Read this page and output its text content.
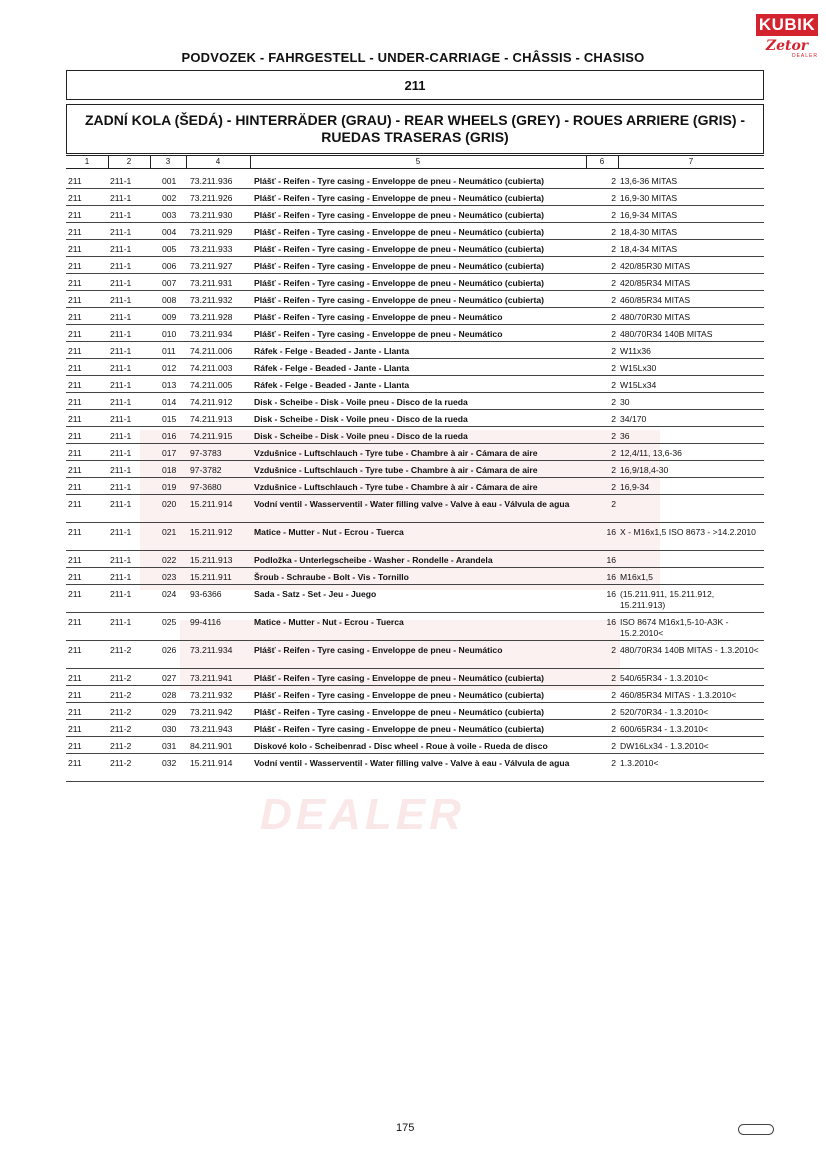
KUBIK
Zetor
DEALER
PODVOZEK - FAHRGESTELL - UNDER-CARRIAGE - CHÂSSIS - CHASISO
211
ZADNÍ KOLA (ŠEDÁ) - HINTERRÄDER (GRAU) - REAR WHEELS (GREY) - ROUES ARRIERE (GRIS) -
RUEDAS TRASERAS (GRIS)
DEALER
1	2	3	4	5	6	7
211	211-1	001 73.211.936	Plášť - Reifen - Tyre casing - Enveloppe de pneu - Neumático (cubierta)	2 13,6-36 MITAS
211	211-1	002 73.211.926	Plášť - Reifen - Tyre casing - Enveloppe de pneu - Neumático (cubierta)	2 16,9-30 MITAS
211	211-1	003 73.211.930	Plášť - Reifen - Tyre casing - Enveloppe de pneu - Neumático (cubierta)	2 16,9-34 MITAS
211	211-1	004 73.211.929	Plášť - Reifen - Tyre casing - Enveloppe de pneu - Neumático (cubierta)	2 18,4-30 MITAS
211	211-1	005 73.211.933	Plášť - Reifen - Tyre casing - Enveloppe de pneu - Neumático (cubierta)	2 18,4-34 MITAS
211	211-1	006 73.211.927	Plášť - Reifen - Tyre casing - Enveloppe de pneu - Neumático (cubierta)	2 420/85R30 MITAS
211	211-1	007 73.211.931	Plášť - Reifen - Tyre casing - Enveloppe de pneu - Neumático (cubierta)	2 420/85R34 MITAS
211	211-1	008 73.211.932	Plášť - Reifen - Tyre casing - Enveloppe de pneu - Neumático (cubierta)	2 460/85R34 MITAS
211	211-1	009 73.211.928	Plášť - Reifen - Tyre casing - Enveloppe de pneu - Neumático	2 480/70R30 MITAS
211	211-1	010 73.211.934	Plášť - Reifen - Tyre casing - Enveloppe de pneu - Neumático	2 480/70R34 140B MITAS
211	211-1	011 74.211.006	Ráfek - Felge - Beaded - Jante - Llanta	2 W11x36
211	211-1	012 74.211.003	Ráfek - Felge - Beaded - Jante - Llanta	2 W15Lx30
211	211-1	013 74.211.005	Ráfek - Felge - Beaded - Jante - Llanta	2 W15Lx34
211	211-1	014 74.211.912	Disk - Scheibe - Disk - Voile pneu - Disco de la rueda	2 30
211	211-1	015 74.211.913	Disk - Scheibe - Disk - Voile pneu - Disco de la rueda	2 34/170
211	211-1	016 74.211.915	Disk - Scheibe - Disk - Voile pneu - Disco de la rueda	2 36
211	211-1	017 97-3783	Vzdušnice - Luftschlauch - Tyre tube - Chambre à air - Cámara de aire	2 12,4/11, 13,6-36
211	211-1	018 97-3782	Vzdušnice - Luftschlauch - Tyre tube - Chambre à air - Cámara de aire	2 16,9/18,4-30
211	211-1	019 97-3680	Vzdušnice - Luftschlauch - Tyre tube - Chambre à air - Cámara de aire	2 16,9-34
211	211-1	020 15.211.914	Vodní ventil - Wasserventil - Water filling valve - Valve à eau - Válvula de agua	2
211	211-1	021 15.211.912	Matice - Mutter - Nut - Ecrou - Tuerca	16 X - M16x1,5 ISO 8673 - >14.2.2010
211	211-1	022 15.211.913	Podložka - Unterlegscheibe - Washer - Rondelle - Arandela	16
211	211-1	023 15.211.911	Šroub - Schraube - Bolt - Vis - Tornillo	16 M16x1,5
211	211-1	024 93-6366	Sada - Satz - Set - Jeu - Juego	16 (15.211.911, 15.211.912, 15.211.913)
211	211-1	025 99-4116	Matice - Mutter - Nut - Ecrou - Tuerca	16 ISO 8674 M16x1,5-10-A3K - 15.2.2010<
211	211-2	026 73.211.934	Plášť - Reifen - Tyre casing - Enveloppe de pneu - Neumático	2 480/70R34 140B MITAS - 1.3.2010<
211	211-2	027 73.211.941	Plášť - Reifen - Tyre casing - Enveloppe de pneu - Neumático (cubierta)	2 540/65R34 - 1.3.2010<
211	211-2	028 73.211.932	Plášť - Reifen - Tyre casing - Enveloppe de pneu - Neumático (cubierta)	2 460/85R34 MITAS - 1.3.2010<
211	211-2	029 73.211.942	Plášť - Reifen - Tyre casing - Enveloppe de pneu - Neumático (cubierta)	2 520/70R34 - 1.3.2010<
211	211-2	030 73.211.943	Plášť - Reifen - Tyre casing - Enveloppe de pneu - Neumático (cubierta)	2 600/65R34 - 1.3.2010<
211	211-2	031 84.211.901	Diskové kolo - Scheibenrad - Disc wheel - Roue à voile - Rueda de disco	2 DW16Lx34 - 1.3.2010<
211	211-2	032 15.211.914	Vodní ventil - Wasserventil - Water filling valve - Valve à eau - Válvula de agua	2 1.3.2010<
175
